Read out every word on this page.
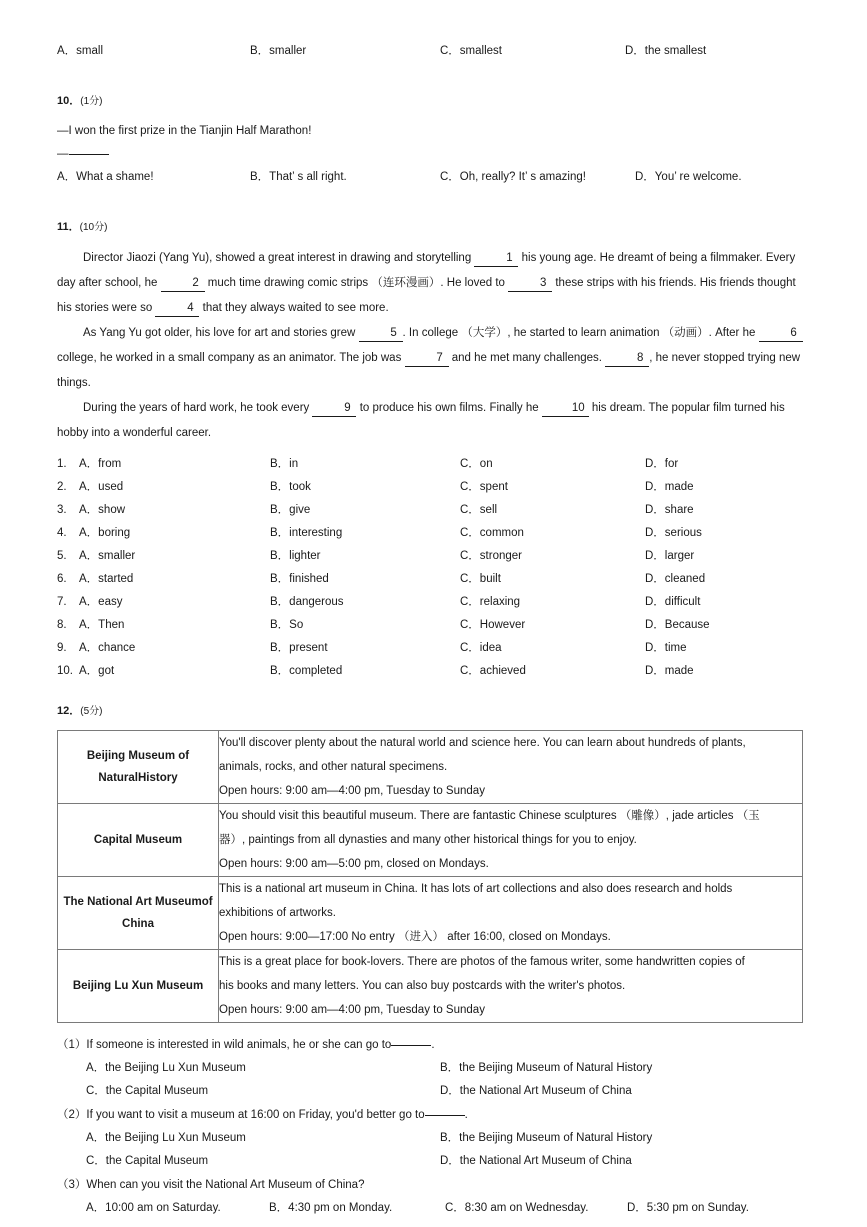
A．small	B．smaller	C．smallest	D．the smallest
10．(1分)
—I won the first prize in the Tianjin Half Marathon!
—
A．What a shame!	B．That’ s all right.	C．Oh, really? It’ s amazing!	D．You’ re welcome.
11．(10分)

Director Jiaozi (Yang Yu), showed a great interest in drawing and storytelling	1 his young age. He dreamt of being a filmmaker. Every day after school, he	2 much time drawing comic strips （连环漫画）. He loved to	3 these strips with his friends. His friends thought his stories were so	4 that they always waited to see more.

As Yang Yu got older, his love for art and stories grew	5 . In college （大学）, he started to learn animation （动画）. After he	6 college, he worked in a small company as an animator. The job was	7 and he met many challenges.	8 , he never stopped trying new things.

During the years of hard work, he took every	9 to produce his own films. Finally he	10 his dream. The popular film turned his hobby into a wonderful career.

1.	A．from	B．in	C．on	D．for
2.	A．used	B．took	C．spent	D．made
3.	A．show	B．give	C．sell	D．share
4.	A．boring	B．interesting	C．common	D．serious
5.	A．smaller	B．lighter	C．stronger	D．larger
6.	A．started	B．finished	C．built	D．cleaned
7.	A．easy	B．dangerous	C．relaxing	D．difficult
8.	A．Then	B．So	C．However	D．Because
9.	A．chance	B．present	C．idea	D．time
10. A．got	B．completed	C．achieved	D．made
12．(5分)
Beijing Museum of NaturalHistory	You'll discover plenty about the natural world and science here. You can learn about hundreds of plants,
animals, rocks, and other natural specimens.
Open hours: 9:00 am—4:00 pm, Tuesday to Sunday

Capital Museum	You should visit this beautiful museum. There are fantastic Chinese sculptures （雕像）, jade articles （玉
器）, paintings from all dynasties and many other historical things for you to enjoy.
Open hours: 9:00 am—5:00 pm, closed on Mondays.

The National Art Museumof China	This is a national art museum in China. It has lots of art collections and also does research and holds
exhibitions of artworks.
Open hours: 9:00—17:00 No entry （进入） after 16:00, closed on Mondays.

Beijing Lu Xun Museum	This is a great place for book-lovers. There are photos of the famous writer, some handwritten copies of
his books and many letters. You can also buy postcards with the writer's photos.
Open hours: 9:00 am—4:00 pm, Tuesday to Sunday
（1）If someone is interested in wild animals, he or she can go to	.
A．the Beijing Lu Xun Museum	B．the Beijing Museum of Natural History
C．the Capital Museum	D．the National Art Museum of China
（2）If you want to visit a museum at 16:00 on Friday, you'd better go to	.
A．the Beijing Lu Xun Museum	B．the Beijing Museum of Natural History
C．the Capital Museum	D．the National Art Museum of China
（3）When can you visit the National Art Museum of China?
A．10:00 am on Saturday.	B．4:30 pm on Monday.	C．8:30 am on Wednesday.	D．5:30 pm on Sunday.
